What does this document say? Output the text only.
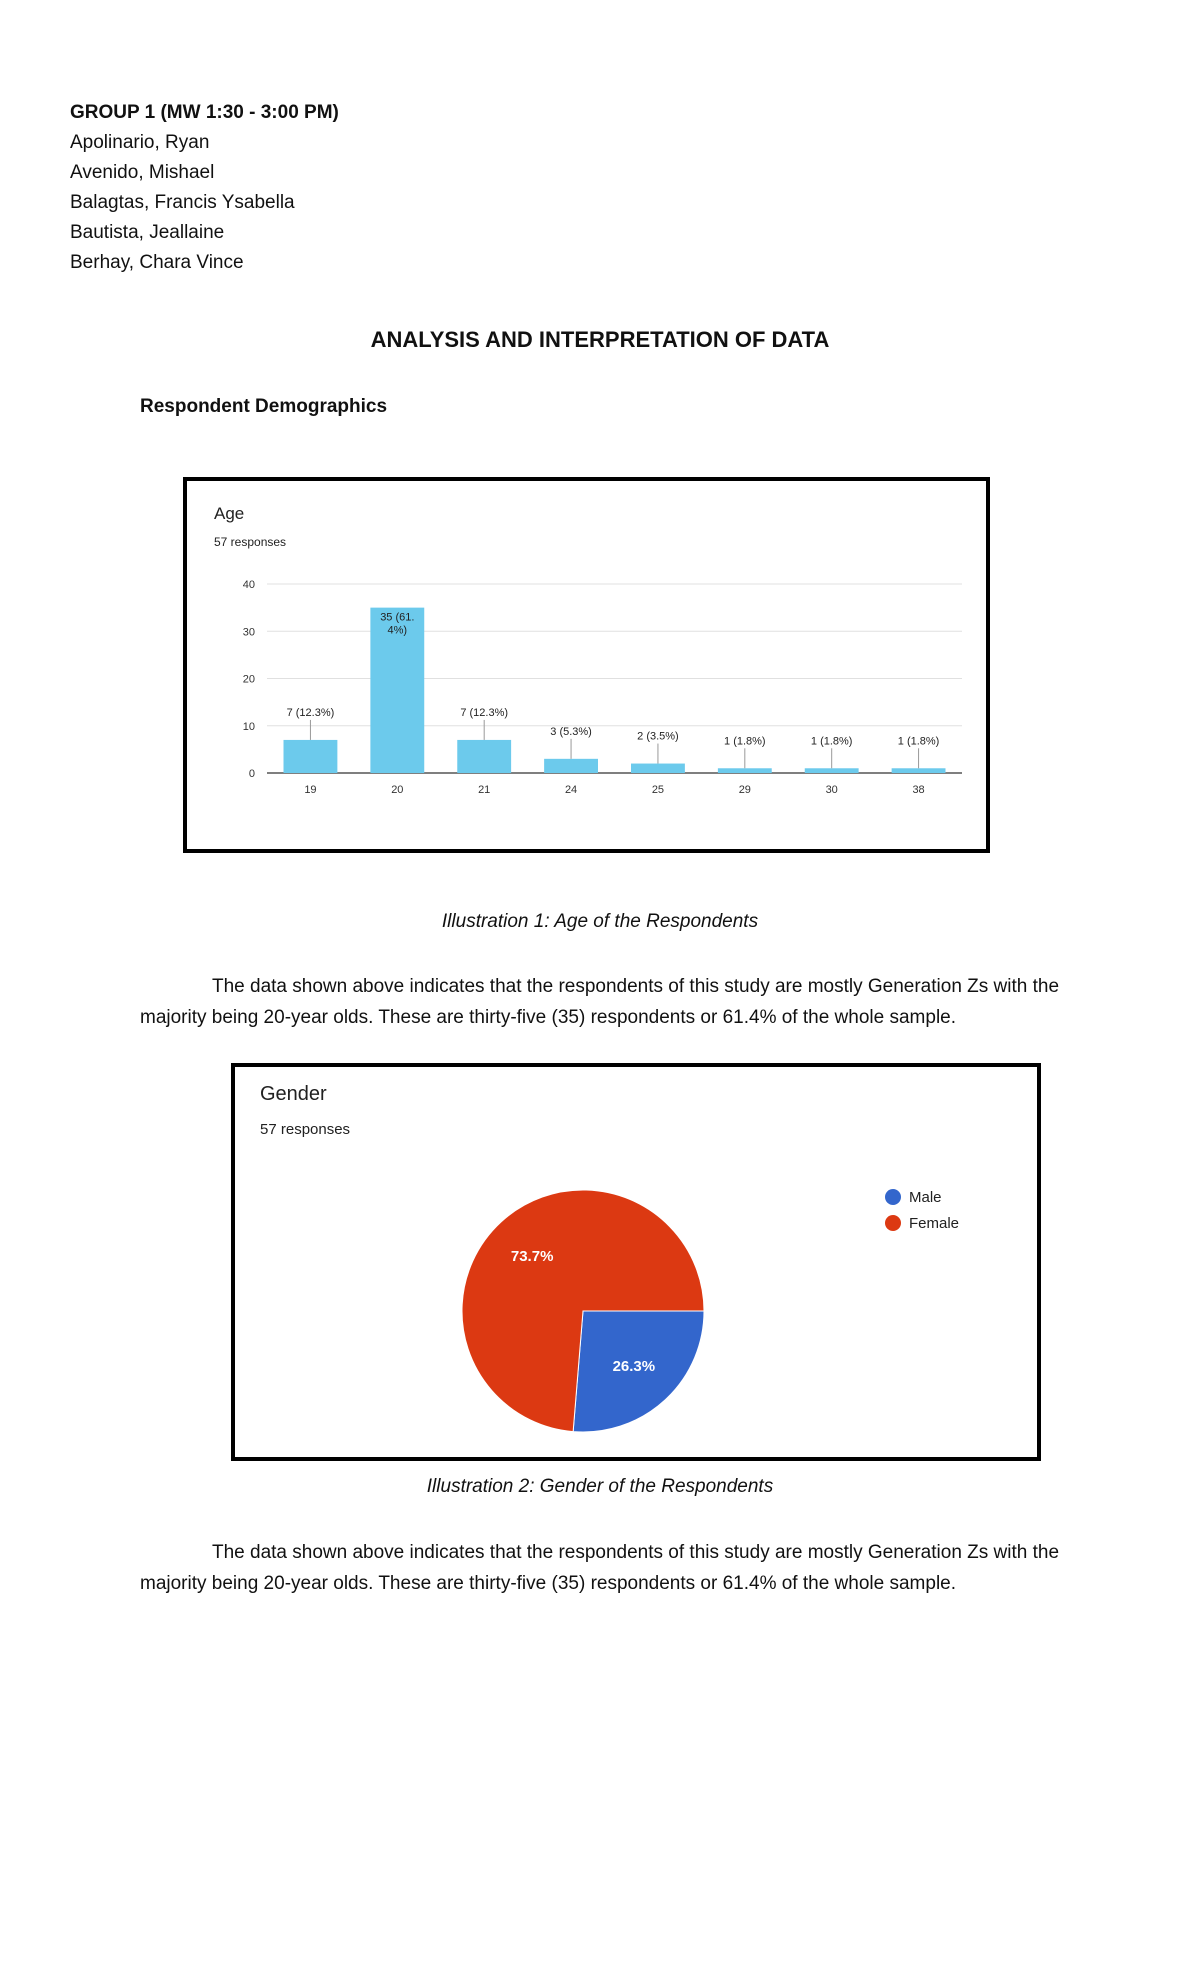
GROUP 1 (MW 1:30 - 3:00 PM)
Apolinario, Ryan
Avenido, Mishael
Balagtas, Francis Ysabella
Bautista, Jeallaine
Berhay, Chara Vince
ANALYSIS AND INTERPRETATION OF DATA
Respondent Demographics
Age
57 responses
0
10
20
30
40
19
7 (12.3%)
20
35 (61. 4%)
21
7 (12.3%)
24
3 (5.3%)
25
2 (3.5%)
29
1 (1.8%)
30
1 (1.8%)
38
1 (1.8%)
Illustration 1: Age of the Respondents
The data shown above indicates that the respondents of this study are mostly Generation Zs with the majority being 20-year olds. These are thirty-five (35) respondents or 61.4% of the whole sample.
Gender
57 responses
26.3%
73.7%
Male
Female
Illustration 2: Gender of the Respondents
The data shown above indicates that the respondents of this study are mostly Generation Zs with the majority being 20-year olds. These are thirty-five (35) respondents or 61.4% of the whole sample.
